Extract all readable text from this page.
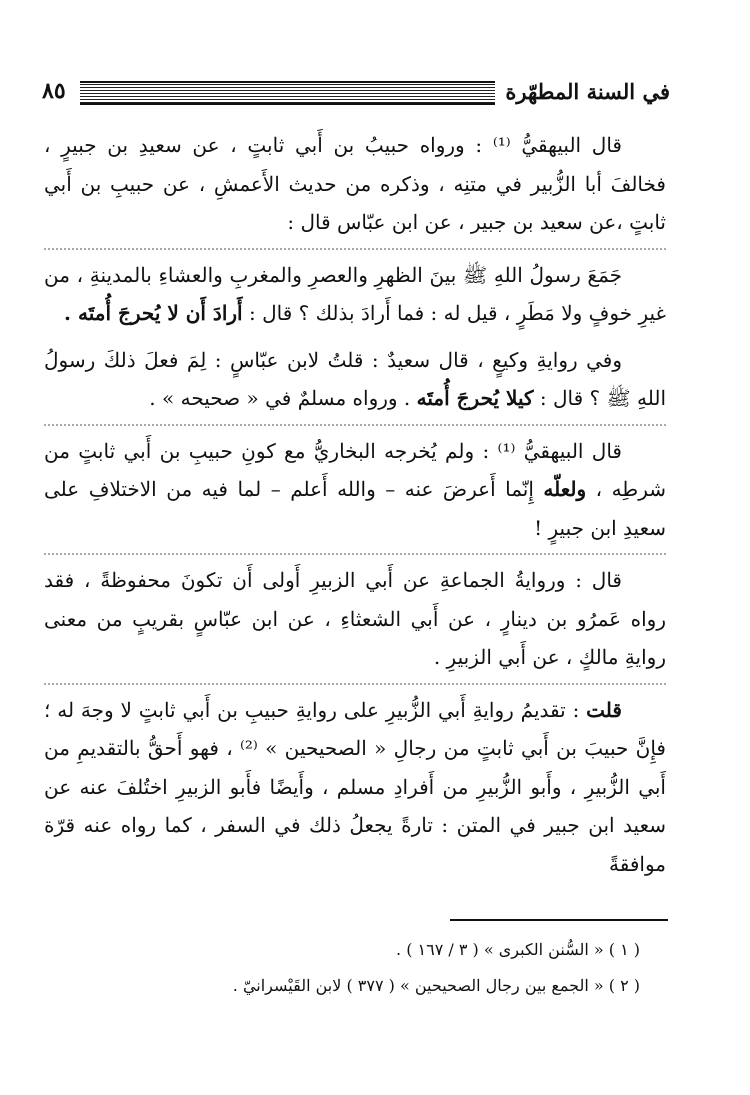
في السنة المطهّرة
٨٥

قال البيهقيُّ ⁽¹⁾ : ورواه حبيبُ بن أَبي ثابتٍ ، عن سعيدِ بن جبيرٍ ، فخالفَ أبا الزُّبير في متنِه ، وذكره من حديث الأَعمشِ ، عن حبيبِ بن أَبي ثابتٍ ،عن سعيد بن جبير ، عن ابن عبّاس قال :

جَمَعَ رسولُ اللهِ ﷺ بينَ الظهرِ والعصرِ والمغربِ والعشاءِ بالمدينةِ ، من غيرِ خوفٍ ولا مَطَرٍ ، قيل له : فما أَرادَ بذلك ؟ قال : أَرادَ أَن لا يُحرجَ أُمتَه .

وفي روايةِ وكيعٍ ، قال سعيدٌ : قلتُ لابن عبّاسٍ : لِمَ فعلَ ذلكَ رسولُ اللهِ ﷺ ؟ قال : كيلا يُحرجَ أُمتَه . ورواه مسلمٌ في « صحيحه » .

قال البيهقيُّ ⁽¹⁾ : ولم يُخرجه البخاريُّ مع كونِ حبيبِ بن أَبي ثابتٍ من شرطِه ، ولعلّه إِنّما أَعرضَ عنه – والله أَعلم – لما فيه من الاختلافِ على سعيدِ ابن جبيرٍ !

قال : وروايةُ الجماعةِ عن أَبي الزبيرِ أَولى أَن تكونَ محفوظةً ، فقد رواه عَمرُو بن دينارٍ ، عن أَبي الشعثاءِ ، عن ابن عبّاسٍ بقريبٍ من معنى روايةِ مالكٍ ، عن أَبي الزبيرِ .

قلت : تقديمُ روايةِ أَبي الزُّبيرِ على روايةِ حبيبِ بن أَبي ثابتٍ لا وجهَ له ؛ فإِنَّ حبيبَ بن أَبي ثابتٍ من رجالِ « الصحيحين » ⁽²⁾ ، فهو أَحقُّ بالتقديمِ من أَبي الزُّبيرِ ، وأَبو الزُّبيرِ من أَفرادِ مسلم ، وأَيضًا فأَبو الزبيرِ اختُلفَ عنه عن سعيد ابن جبير في المتن : تارةً يجعلُ ذلك في السفر ، كما رواه عنه قرّة موافقةً

( ١ ) « السُّنن الكبرى » ( ٣ / ١٦٧ ) .

( ٢ ) « الجمع بين رجال الصحيحين » ( ٣٧٧ ) لابن القَيْسرانيّ .
